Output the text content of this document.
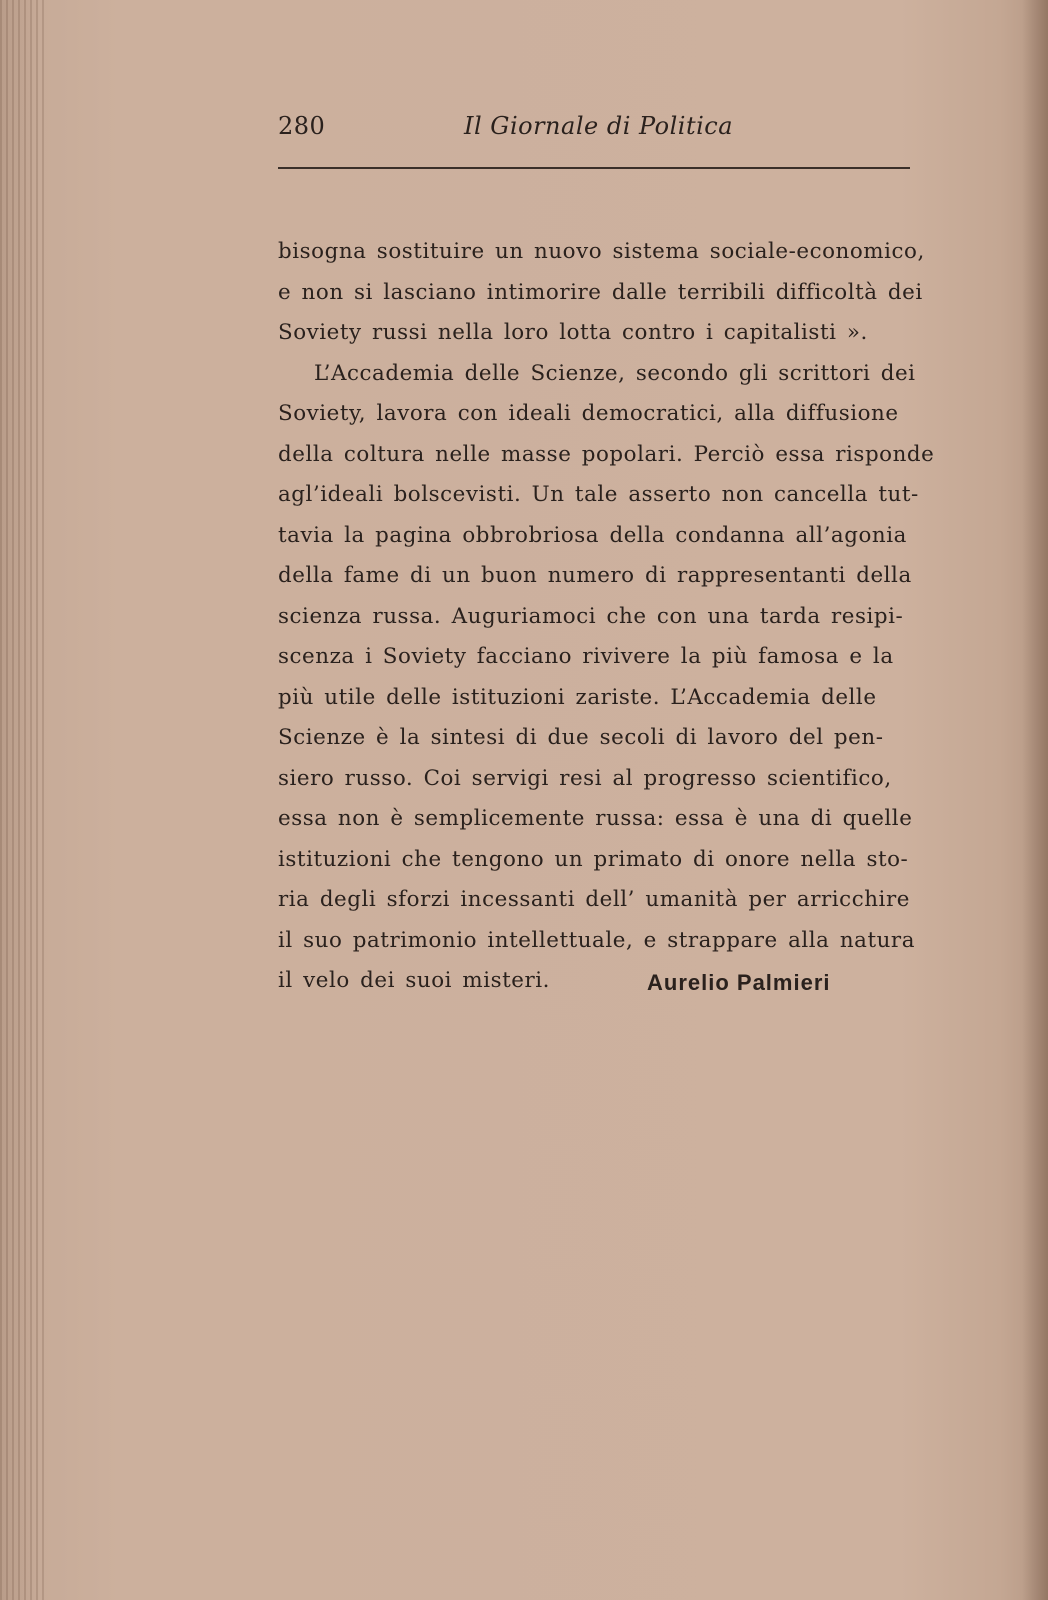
280	Il Giornale di Politica
bisogna sostituire un nuovo sistema sociale-economico,
e non si lasciano intimorire dalle terribili difficoltà dei
Soviety russi nella loro lotta contro i capitalisti ».
L’Accademia delle Scienze, secondo gli scrittori dei
Soviety, lavora con ideali democratici, alla diffusione
della coltura nelle masse popolari. Perciò essa risponde
agl’ideali bolscevisti. Un tale asserto non cancella tut-
tavia la pagina obbrobriosa della condanna all’agonia
della fame di un buon numero di rappresentanti della
scienza russa. Auguriamoci che con una tarda resipi-
scenza i Soviety facciano rivivere la più famosa e la
più utile delle istituzioni zariste. L’Accademia delle
Scienze è la sintesi di due secoli di lavoro del pen-
siero russo. Coi servigi resi al progresso scientifico,
essa non è semplicemente russa: essa è una di quelle
istituzioni che tengono un primato di onore nella sto-
ria degli sforzi incessanti dell’ umanità per arricchire
il suo patrimonio intellettuale, e strappare alla natura
il velo dei suoi misteri.	Aurelio Palmieri
